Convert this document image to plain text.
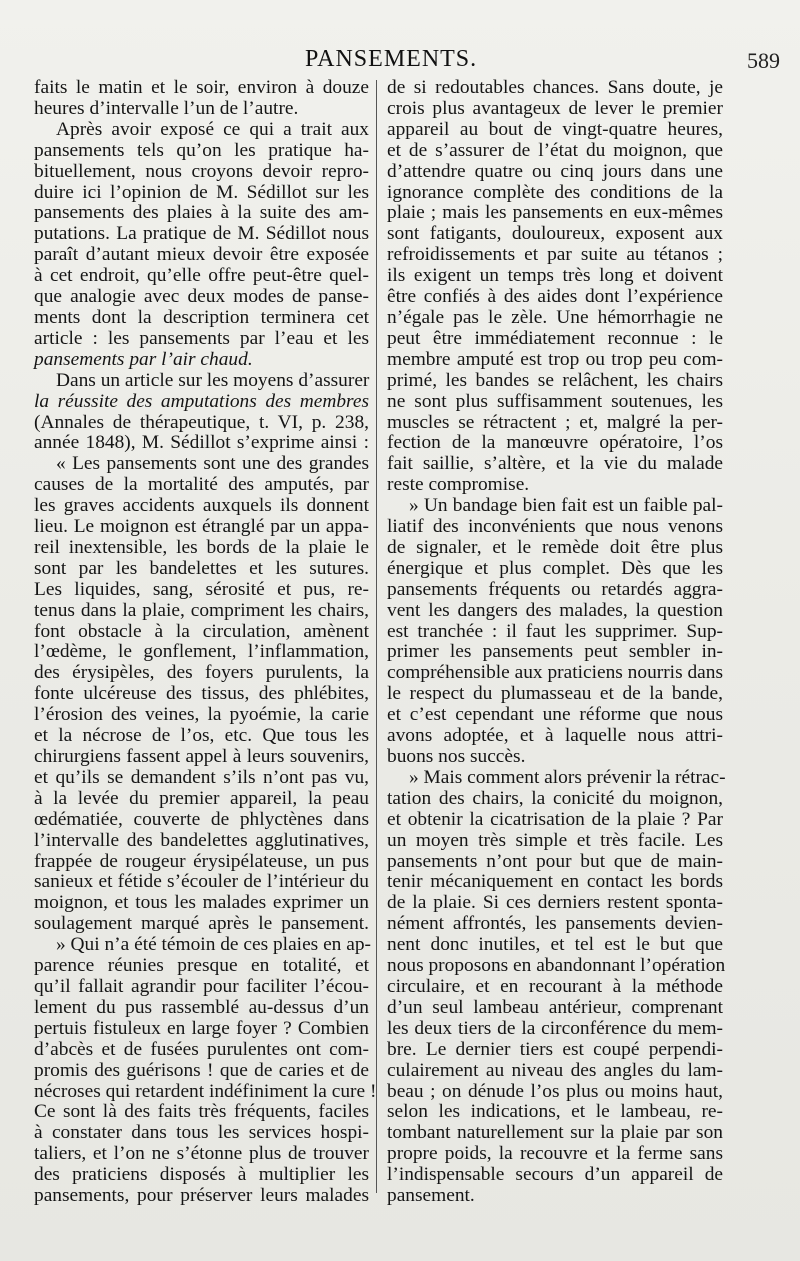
PANSEMENTS.	589
faits le matin et le soir, environ à douze
heures d’intervalle l’un de l’autre.
Après avoir exposé ce qui a trait aux
pansements tels qu’on les pratique ha-
bituellement, nous croyons devoir repro-
duire ici l’opinion de M. Sédillot sur les
pansements des plaies à la suite des am-
putations. La pratique de M. Sédillot nous
paraît d’autant mieux devoir être exposée
à cet endroit, qu’elle offre peut-être quel-
que analogie avec deux modes de panse-
ments dont la description terminera cet
article : les pansements par l’eau et les
pansements par l’air chaud.
Dans un article sur les moyens d’assurer
la réussite des amputations des membres
(Annales de thérapeutique, t. VI, p. 238,
année 1848), M. Sédillot s’exprime ainsi :
« Les pansements sont une des grandes
causes de la mortalité des amputés, par
les graves accidents auxquels ils donnent
lieu. Le moignon est étranglé par un appa-
reil inextensible, les bords de la plaie le
sont par les bandelettes et les sutures.
Les liquides, sang, sérosité et pus, re-
tenus dans la plaie, compriment les chairs,
font obstacle à la circulation, amènent
l’œdème, le gonflement, l’inflammation,
des érysipèles, des foyers purulents, la
fonte ulcéreuse des tissus, des phlébites,
l’érosion des veines, la pyoémie, la carie
et la nécrose de l’os, etc. Que tous les
chirurgiens fassent appel à leurs souvenirs,
et qu’ils se demandent s’ils n’ont pas vu,
à la levée du premier appareil, la peau
œdématiée, couverte de phlyctènes dans
l’intervalle des bandelettes agglutinatives,
frappée de rougeur érysipélateuse, un pus
sanieux et fétide s’écouler de l’intérieur du
moignon, et tous les malades exprimer un
soulagement marqué après le pansement.
» Qui n’a été témoin de ces plaies en ap-
parence réunies presque en totalité, et
qu’il fallait agrandir pour faciliter l’écou-
lement du pus rassemblé au-dessus d’un
pertuis fistuleux en large foyer ? Combien
d’abcès et de fusées purulentes ont com-
promis des guérisons ! que de caries et de
nécroses qui retardent indéfiniment la cure !
Ce sont là des faits très fréquents, faciles
à constater dans tous les services hospi-
taliers, et l’on ne s’étonne plus de trouver
des praticiens disposés à multiplier les
pansements, pour préserver leurs malades
de si redoutables chances. Sans doute, je
crois plus avantageux de lever le premier
appareil au bout de vingt-quatre heures,
et de s’assurer de l’état du moignon, que
d’attendre quatre ou cinq jours dans une
ignorance complète des conditions de la
plaie ; mais les pansements en eux-mêmes
sont fatigants, douloureux, exposent aux
refroidissements et par suite au tétanos ;
ils exigent un temps très long et doivent
être confiés à des aides dont l’expérience
n’égale pas le zèle. Une hémorrhagie ne
peut être immédiatement reconnue : le
membre amputé est trop ou trop peu com-
primé, les bandes se relâchent, les chairs
ne sont plus suffisamment soutenues, les
muscles se rétractent ; et, malgré la per-
fection de la manœuvre opératoire, l’os
fait saillie, s’altère, et la vie du malade
reste compromise.
» Un bandage bien fait est un faible pal-
liatif des inconvénients que nous venons
de signaler, et le remède doit être plus
énergique et plus complet. Dès que les
pansements fréquents ou retardés aggra-
vent les dangers des malades, la question
est tranchée : il faut les supprimer. Sup-
primer les pansements peut sembler in-
compréhensible aux praticiens nourris dans
le respect du plumasseau et de la bande,
et c’est cependant une réforme que nous
avons adoptée, et à laquelle nous attri-
buons nos succès.
» Mais comment alors prévenir la rétrac-
tation des chairs, la conicité du moignon,
et obtenir la cicatrisation de la plaie ? Par
un moyen très simple et très facile. Les
pansements n’ont pour but que de main-
tenir mécaniquement en contact les bords
de la plaie. Si ces derniers restent sponta-
nément affrontés, les pansements devien-
nent donc inutiles, et tel est le but que
nous proposons en abandonnant l’opération
circulaire, et en recourant à la méthode
d’un seul lambeau antérieur, comprenant
les deux tiers de la circonférence du mem-
bre. Le dernier tiers est coupé perpendi-
culairement au niveau des angles du lam-
beau ; on dénude l’os plus ou moins haut,
selon les indications, et le lambeau, re-
tombant naturellement sur la plaie par son
propre poids, la recouvre et la ferme sans
l’indispensable secours d’un appareil de
pansement.
